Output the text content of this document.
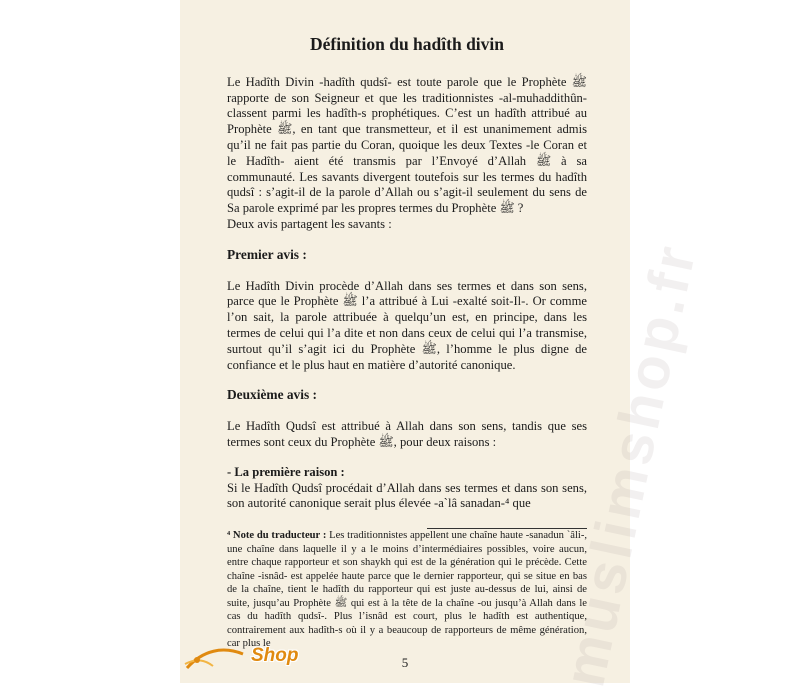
muslimshop.fr
Définition du hadîth divin

Le Hadîth Divin -hadîth qudsî- est toute parole que le Prophète ﷺ rapporte de son Seigneur et que les traditionnistes -al-muhaddithûn- classent parmi les hadîth-s prophétiques. C’est un hadîth attribué au Prophète ﷺ, en tant que transmetteur, et il est unanimement admis qu’il ne fait pas partie du Coran, quoique les deux Textes -le Coran et le Hadîth- aient été transmis par l’Envoyé d’Allah ﷺ à sa communauté. Les savants divergent toutefois sur les termes du hadîth qudsî : s’agit-il de la parole d’Allah ou s’agit-il seulement du sens de Sa parole exprimé par les propres termes du Prophète ﷺ ?

Deux avis partagent les savants :

Premier avis :

Le Hadîth Divin procède d’Allah dans ses termes et dans son sens, parce que le Prophète ﷺ l’a attribué à Lui -exalté soit-Il-. Or comme l’on sait, la parole attribuée à quelqu’un est, en principe, dans les termes de celui qui l’a dite et non dans ceux de celui qui l’a transmise, surtout qu’il s’agit ici du Prophète ﷺ, l’homme le plus digne de confiance et le plus haut en matière d’autorité canonique.

Deuxième avis :

Le Hadîth Qudsî est attribué à Allah dans son sens, tandis que ses termes sont ceux du Prophète ﷺ, pour deux raisons :

- La première raison :

Si le Hadîth Qudsî procédait d’Allah dans ses termes et dans son sens, son autorité canonique serait plus élevée -a`lâ sanadan-⁴ que

⁴ Note du traducteur : Les traditionnistes appellent une chaîne haute -sanadun `âli-, une chaîne dans laquelle il y a le moins d’intermédiaires possibles, voire aucun, entre chaque rapporteur et son shaykh qui est de la génération qui le précède. Cette chaîne -isnâd- est appelée haute parce que le dernier rapporteur, qui se situe en bas de la chaîne, tient le hadîth du rapporteur qui est juste au-dessus de lui, ainsi de suite, jusqu’au Prophète ﷺ qui est à la tête de la chaîne -ou jusqu’à Allah dans le cas du hadîth qudsî-. Plus l’isnâd est court, plus le hadîth est authentique, contrairement aux hadîth-s où il y a beaucoup de rapporteurs de même génération, car plus le

5
Shop
